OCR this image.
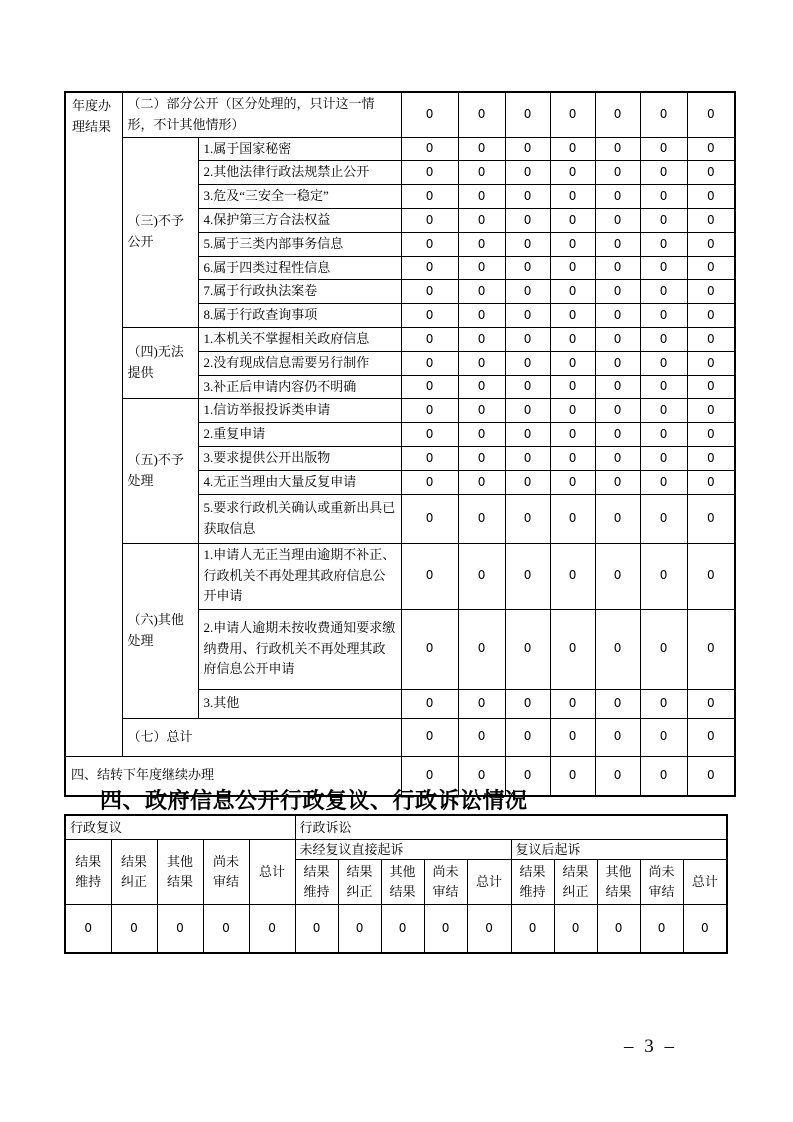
年度办理结果	（二）部分公开（区分处理的，只计这一情形，不计其他情形）		0	0	0	0	0	0	0
	（三)不予公开	1.属于国家秘密	0	0	0	0	0	0	0
		2.其他法律行政法规禁止公开	0	0	0	0	0	0	0
		3.危及“三安全一稳定”	0	0	0	0	0	0	0
		4.保护第三方合法权益	0	0	0	0	0	0	0
		5.属于三类内部事务信息	0	0	0	0	0	0	0
		6.属于四类过程性信息	0	0	0	0	0	0	0
		7.属于行政执法案卷	0	0	0	0	0	0	0
		8.属于行政查询事项	0	0	0	0	0	0	0
	（四)无法提供	1.本机关不掌握相关政府信息	0	0	0	0	0	0	0
		2.没有现成信息需要另行制作	0	0	0	0	0	0	0
		3.补正后申请内容仍不明确	0	0	0	0	0	0	0
	（五)不予处理	1.信访举报投诉类申请	0	0	0	0	0	0	0
		2.重复申请	0	0	0	0	0	0	0
		3.要求提供公开出版物	0	0	0	0	0	0	0
		4.无正当理由大量反复申请	0	0	0	0	0	0	0
		5.要求行政机关确认或重新出具已获取信息	0	0	0	0	0	0	0
	（六)其他处理	1.申请人无正当理由逾期不补正、行政机关不再处理其政府信息公开申请	0	0	0	0	0	0	0
		2.申请人逾期未按收费通知要求缴纳费用、行政机关不再处理其政府信息公开申请	0	0	0	0	0	0	0
		3.其他	0	0	0	0	0	0	0
	（七）总计		0	0	0	0	0	0	0
四、结转下年度继续办理			0	0	0	0	0	0	0
四、政府信息公开行政复议、行政诉讼情况
行政复议					行政诉讼									
结果维持	结果纠正	其他结果	尚未审结	总计	未经复议直接起诉					复议后起诉				
					结果维持	结果纠正	其他结果	尚未审结	总计	结果维持	结果纠正	其他结果	尚未审结	总计
0	0	0	0	0	0	0	0	0	0	0	0	0	0	0
– 3 –
